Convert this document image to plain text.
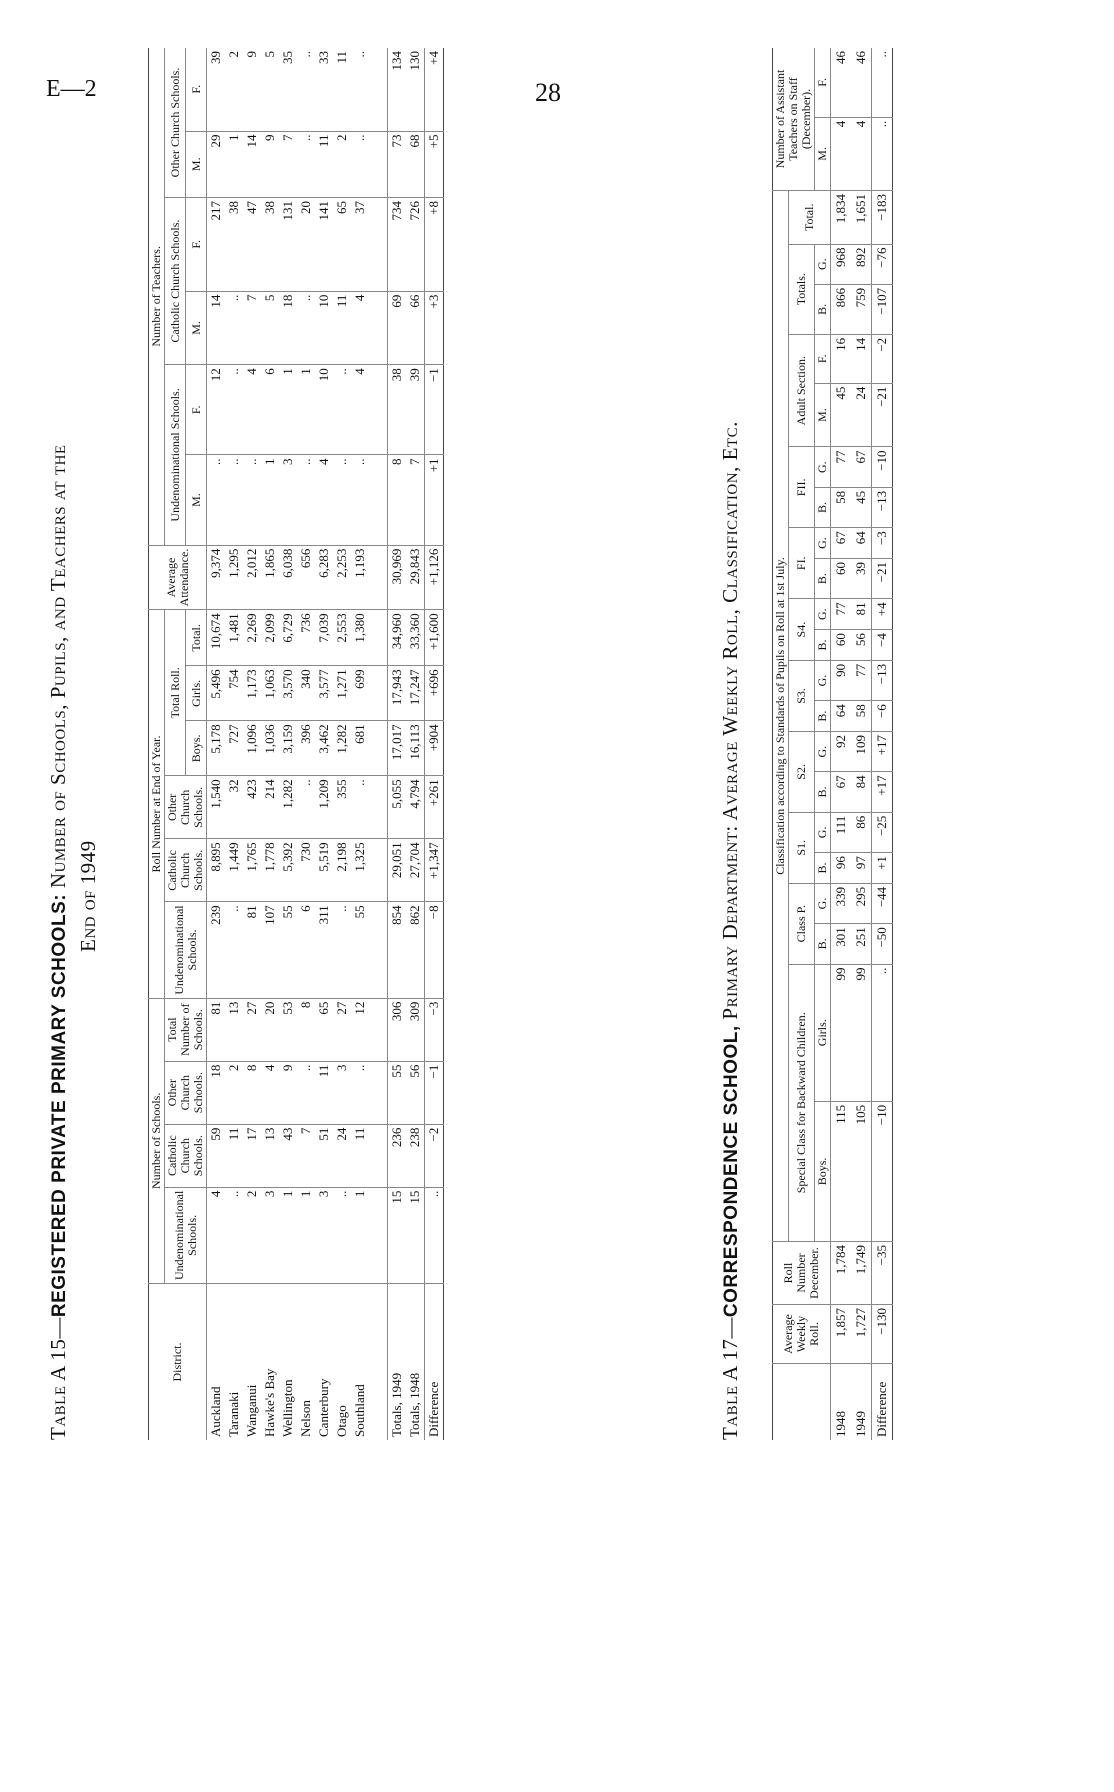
E—2	28
Table A 15—REGISTERED PRIVATE PRIMARY SCHOOLS: Number of Schools, Pupils, and Teachers at the
End of 1949
District.	Number of Schools.				Roll Number at End of Year.						Average Attendance.	Number of Teachers.					
	Undenominational Schools.	Catholic Church Schools.	Other Church Schools.	Total Number of Schools.	Undenominational Schools.	Catholic Church Schools.	Other Church Schools.	Total Roll.				Undenominational Schools.		Catholic Church Schools.		Other Church Schools.	
								Boys.	Girls.	Total.		M.	F.	M.	F.	M.	F.
Auckland	4	59	18	81	239	8,895	1,540	5,178	5,496	10,674	9,374	..	12	14	217	29	39
Taranaki	..	11	2	13	..	1,449	32	727	754	1,481	1,295	..	..	..	38	1	2
Wanganui	2	17	8	27	81	1,765	423	1,096	1,173	2,269	2,012	..	4	7	47	14	9
Hawke's Bay	3	13	4	20	107	1,778	214	1,036	1,063	2,099	1,865	1	6	5	38	9	5
Wellington	1	43	9	53	55	5,392	1,282	3,159	3,570	6,729	6,038	3	1	18	131	7	35
Nelson	1	7	..	8	6	730	..	396	340	736	656	..	1	..	20	..	..
Canterbury	3	51	11	65	311	5,519	1,209	3,462	3,577	7,039	6,283	4	10	10	141	11	33
Otago	..	24	3	27	..	2,198	355	1,282	1,271	2,553	2,253	..	..	11	65	2	11
Southland	1	11	..	12	55	1,325	..	681	699	1,380	1,193	..	4	4	37	..	..

Totals, 1949	15	236	55	306	854	29,051	5,055	17,017	17,943	34,960	30,969	8	38	69	734	73	134
Totals, 1948	15	238	56	309	862	27,704	4,794	16,113	17,247	33,360	29,843	7	39	66	726	68	130
Difference	..	−2	−1	−3	−8	+1,347	+261	+904	+696	+1,600	+1,126	+1	−1	+3	+8	+5	+4
Table A 17—CORRESPONDENCE SCHOOL, Primary Department: Average Weekly Roll, Classification, Etc.
	Average Weekly Roll.	Roll Number December.	Classification according to Standards of Pupils on Roll at 1st July.																					Number of Assistant Teachers on Staff (December).	
			Special Class for Backward Children.		Class P.		S1.		S2.		S3.		S4.		FI.		FII.		Adult Section.		Totals.		Total.		
			Boys.	Girls.	B.	G.	B.	G.	B.	G.	B.	G.	B.	G.	B.	G.	B.	G.	M.	F.	B.	G.		M.	F.
1948	1,857	1,784	115	99	301	339	96	111	67	92	64	90	60	77	60	67	58	77	45	16	866	968	1,834	4	46
1949	1,727	1,749	105	99	251	295	97	86	84	109	58	77	56	81	39	64	45	67	24	14	759	892	1,651	4	46
Difference	−130	−35	−10	..	−50	−44	+1	−25	+17	+17	−6	−13	−4	+4	−21	−3	−13	−10	−21	−2	−107	−76	−183	..	..
